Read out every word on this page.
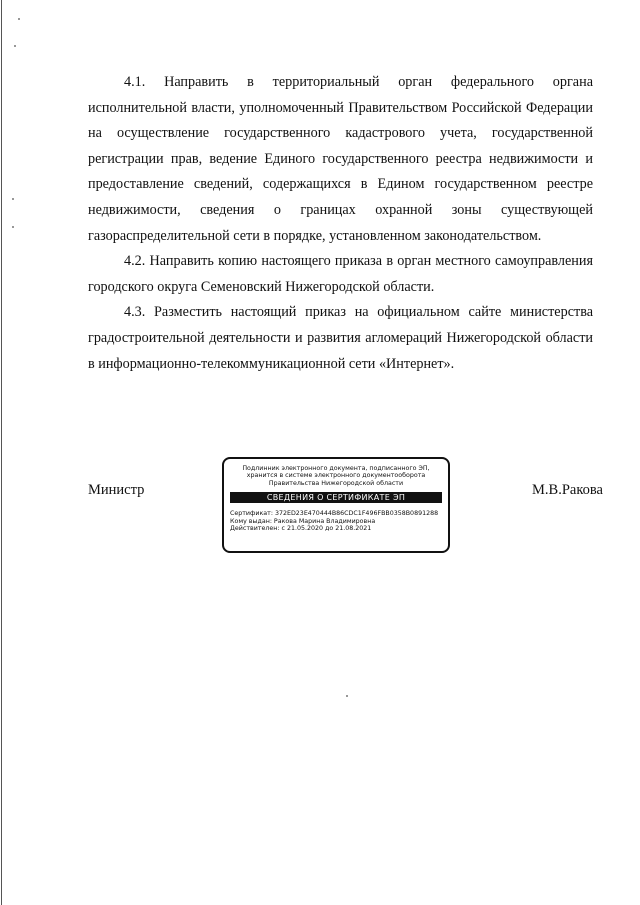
4.1. Направить в территориальный орган федерального органа исполнительной власти, уполномоченный Правительством Российской Федерации на осуществление государственного кадастрового учета, государственной регистрации прав, ведение Единого государственного реестра недвижимости и предоставление сведений, содержащихся в Едином государственном реестре недвижимости, сведения о границах охранной зоны существующей газораспределительной сети в порядке, установленном законодательством.

4.2. Направить копию настоящего приказа в орган местного самоуправления городского округа Семеновский Нижегородской области.

4.3. Разместить настоящий приказ на официальном сайте министерства градостроительной деятельности и развития агломераций Нижегородской области в информационно-телекоммуникационной сети «Интернет».

Министр
Подлинник электронного документа, подписанного ЭП,
хранится в системе электронного документооборота
Правительства Нижегородской области
СВЕДЕНИЯ О СЕРТИФИКАТЕ ЭП
Сертификат: 372ED23E470444B86CDC1F496FBB0358B0891288
Кому выдан: Ракова Марина Владимировна
Действителен: с 21.05.2020 до 21.08.2021
М.В.Ракова
